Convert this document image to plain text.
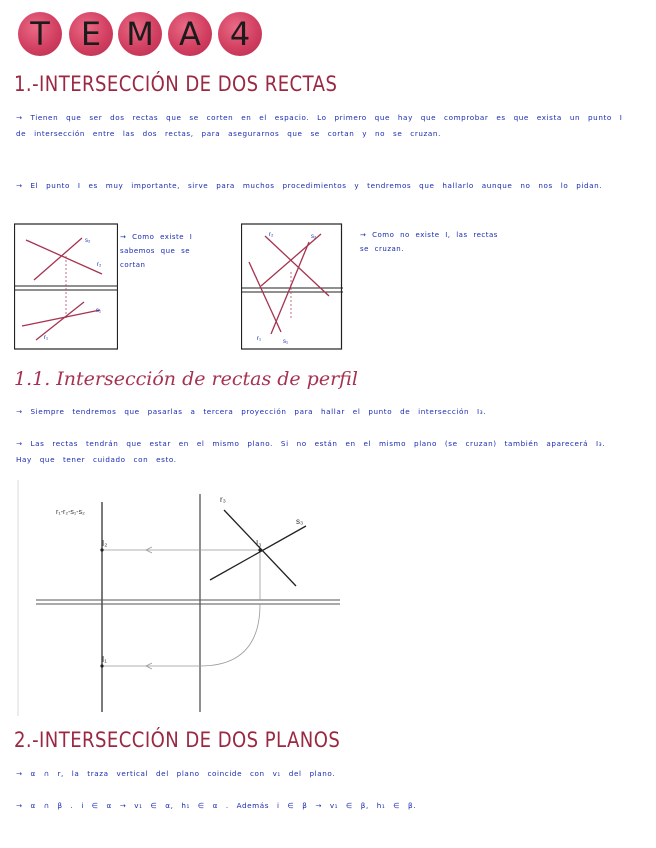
T E M A 4
1.-INTERSECCIÓN DE DOS RECTAS
→ Tienen que ser dos rectas que se corten en el espacio. Lo primero que hay que comprobar es que exista un punto I de intersección entre las dos rectas, para asegurarnos que se cortan y no se cruzan.
→ El punto I es muy importante, sirve para muchos procedimientos y tendremos que hallarlo aunque no nos lo pidan.
s₂
r₂
s₁
r₁
→ Como existe I sabemos que se cortan
r₂	s₂
r₁	s₁
→ Como no existe I, las rectas se cruzan.
1.1. Intersección de rectas de perfil
→ Siempre tendremos que pasarlas a tercera proyección para hallar el punto de intersección I₃.
→ Las rectas tendrán que estar en el mismo plano. Si no están en el mismo plano (se cruzan) también aparecerá I₃. Hay que tener cuidado con esto.
r₁-r₂-s₁-s₂
I₂
I₁
I₃
r₃
s₃
2.-INTERSECCIÓN DE DOS PLANOS
→ α ∩ r, la traza vertical del plano coincide con v₁ del plano.
→ α ∩ β . i ∈ α → v₁ ∈ α, h₁ ∈ α . Además i ∈ β → v₁ ∈ β, h₁ ∈ β.
